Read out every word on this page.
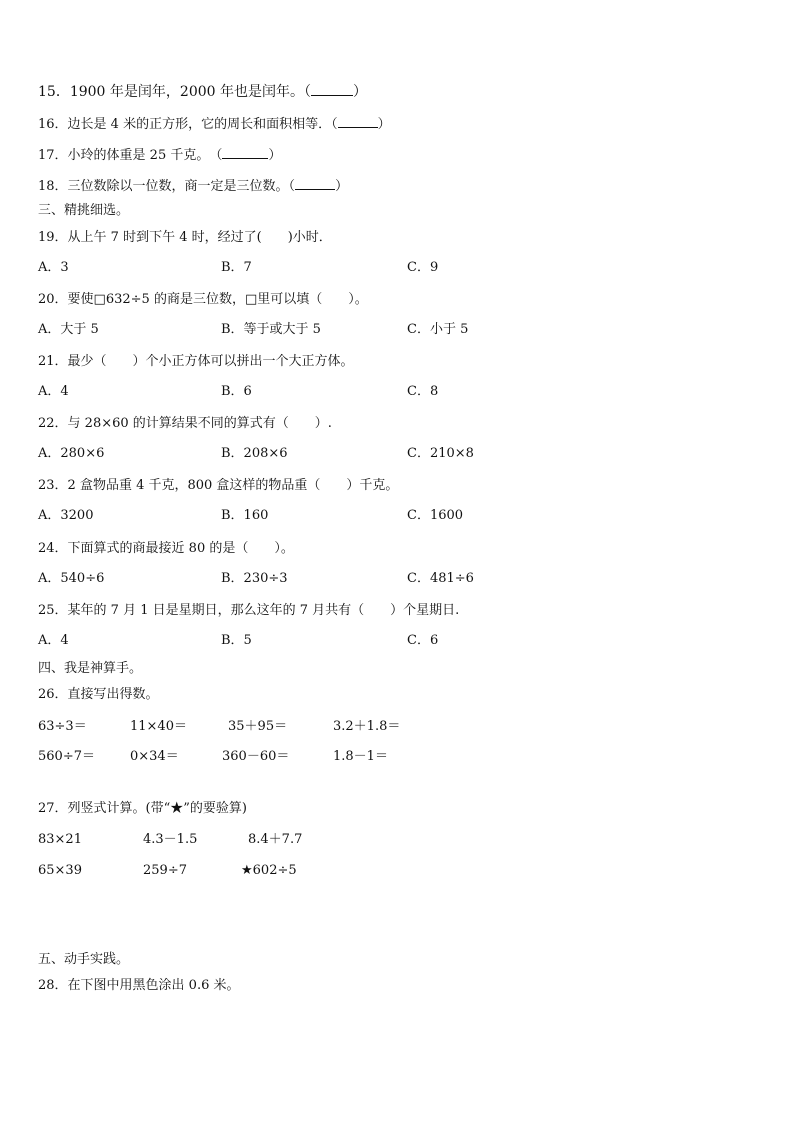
15．1900 年是闰年，2000 年也是闰年。（	）
16．边长是 4 米的正方形，它的周长和面积相等．（	）
17．小玲的体重是 25 千克。　（	）
18．三位数除以一位数，商一定是三位数。（	）
三、精挑细选。
19．从上午 7 时到下午 4 时，经过了(　　)小时．
A．3	B．7	C．9
20．要使□632÷5 的商是三位数，□里可以填（　　）。
A．大于 5	B．等于或大于 5	C．小于 5
21．最少（　　）个小正方体可以拼出一个大正方体。
A．4	B．6	C．8
22．与 28×60 的计算结果不同的算式有（　　）.
A．280×6	B．208×6	C．210×8
23．2 盒物品重 4 千克，800 盒这样的物品重（　　）千克。
A．3200	B．160	C．1600
24．下面算式的商最接近 80 的是（　　）。
A．540÷6	B．230÷3	C．481÷6
25．某年的 7 月 1 日是星期日，那么这年的 7 月共有（　　）个星期日.
A．4	B．5	C．6
四、我是神算手。
26．直接写出得数。
63÷3＝	11×40＝	35＋95＝	3.2＋1.8＝
560÷7＝	0×34＝	360－60＝	1.8－1＝
27．列竖式计算。(带“★”的要验算)
83×21	4.3－1.5	8.4＋7.7
65×39	259÷7	★602÷5
五、动手实践。
28．在下图中用黑色涂出 0.6 米。
